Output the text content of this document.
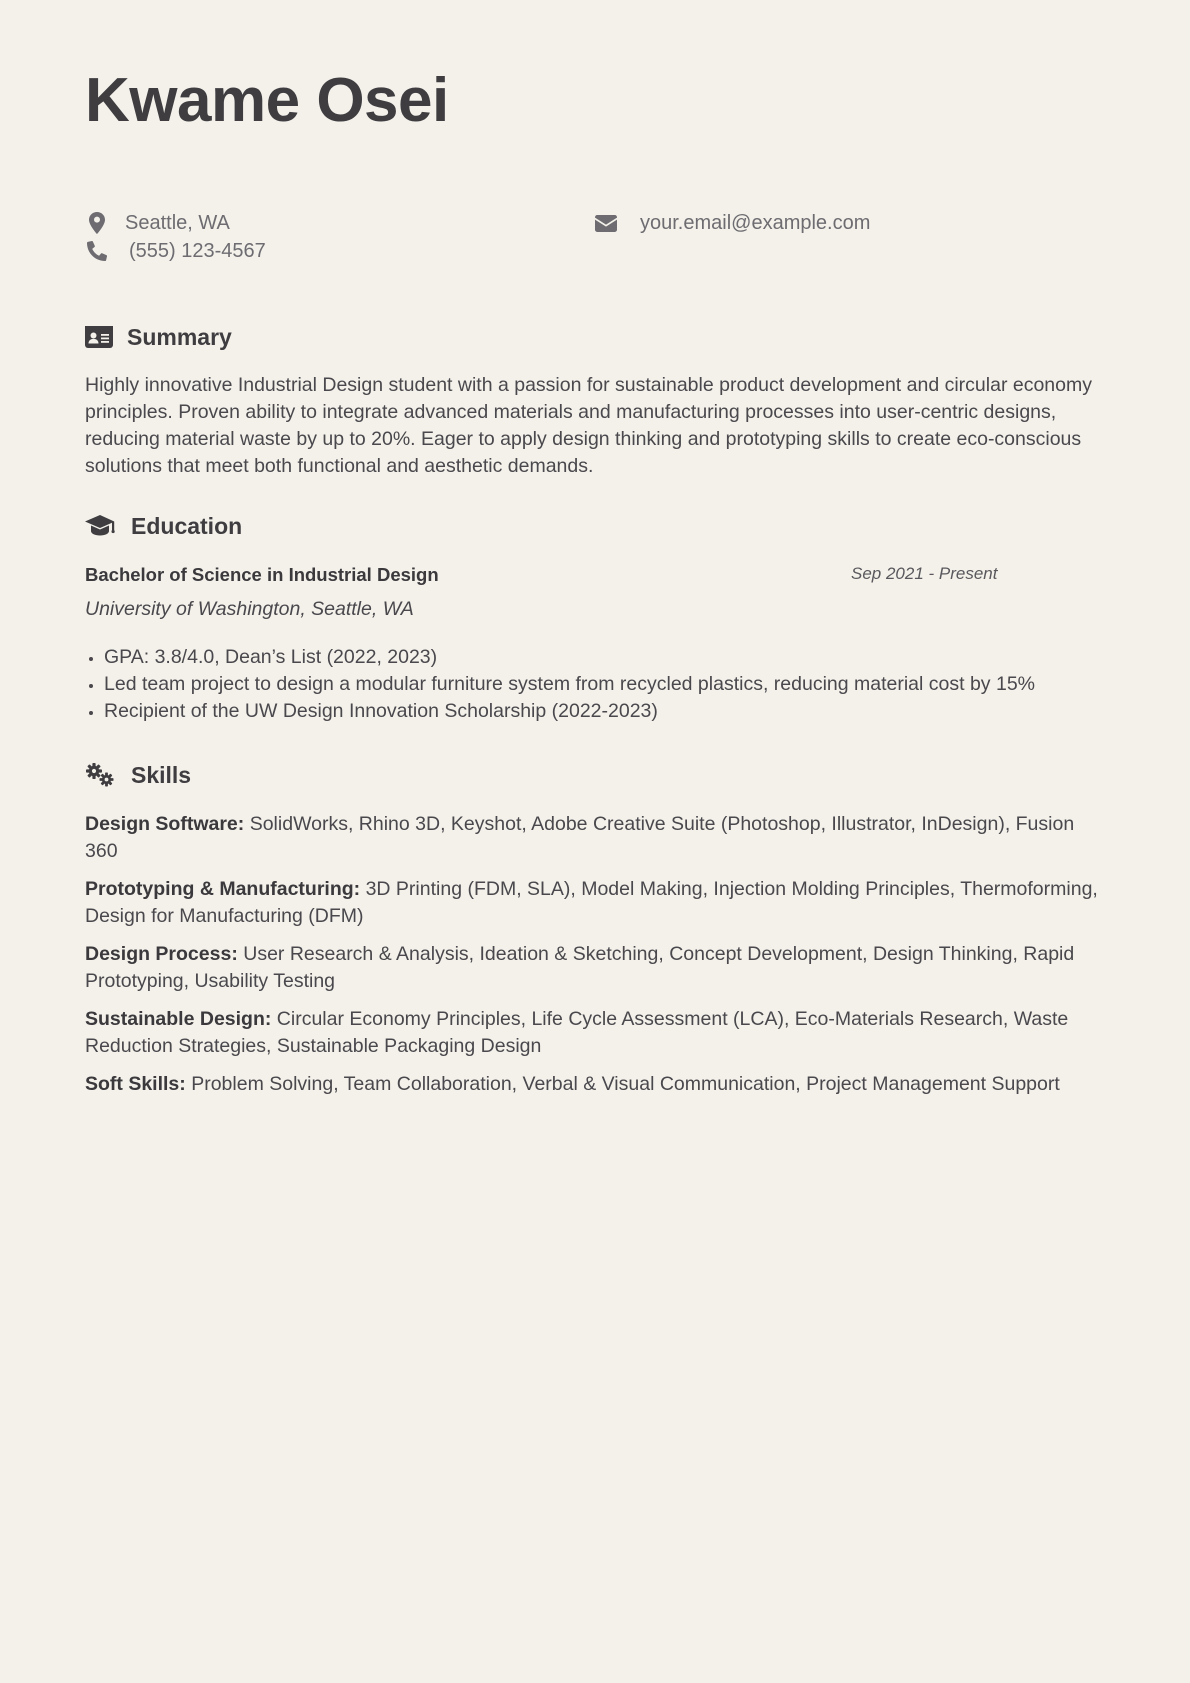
Kwame Osei
Seattle, WA
(555) 123-4567
your.email@example.com
Summary

Highly innovative Industrial Design student with a passion for sustainable product development and circular economy principles. Proven ability to integrate advanced materials and manufacturing processes into user-centric designs, reducing material waste by up to 20%. Eager to apply design thinking and prototyping skills to create eco-conscious solutions that meet both functional and aesthetic demands.

Education
Bachelor of Science in Industrial Design	Sep 2021 - Present
University of Washington, Seattle, WA
• GPA: 3.8/4.0, Dean’s List (2022, 2023)
• Led team project to design a modular furniture system from recycled plastics, reducing material cost by 15%
• Recipient of the UW Design Innovation Scholarship (2022-2023)
Skills

Design Software: SolidWorks, Rhino 3D, Keyshot, Adobe Creative Suite (Photoshop, Illustrator, InDesign), Fusion 360

Prototyping & Manufacturing: 3D Printing (FDM, SLA), Model Making, Injection Molding Principles, Thermoforming, Design for Manufacturing (DFM)

Design Process: User Research & Analysis, Ideation & Sketching, Concept Development, Design Thinking, Rapid Prototyping, Usability Testing

Sustainable Design: Circular Economy Principles, Life Cycle Assessment (LCA), Eco-Materials Research, Waste Reduction Strategies, Sustainable Packaging Design

Soft Skills: Problem Solving, Team Collaboration, Verbal & Visual Communication, Project Management Support
